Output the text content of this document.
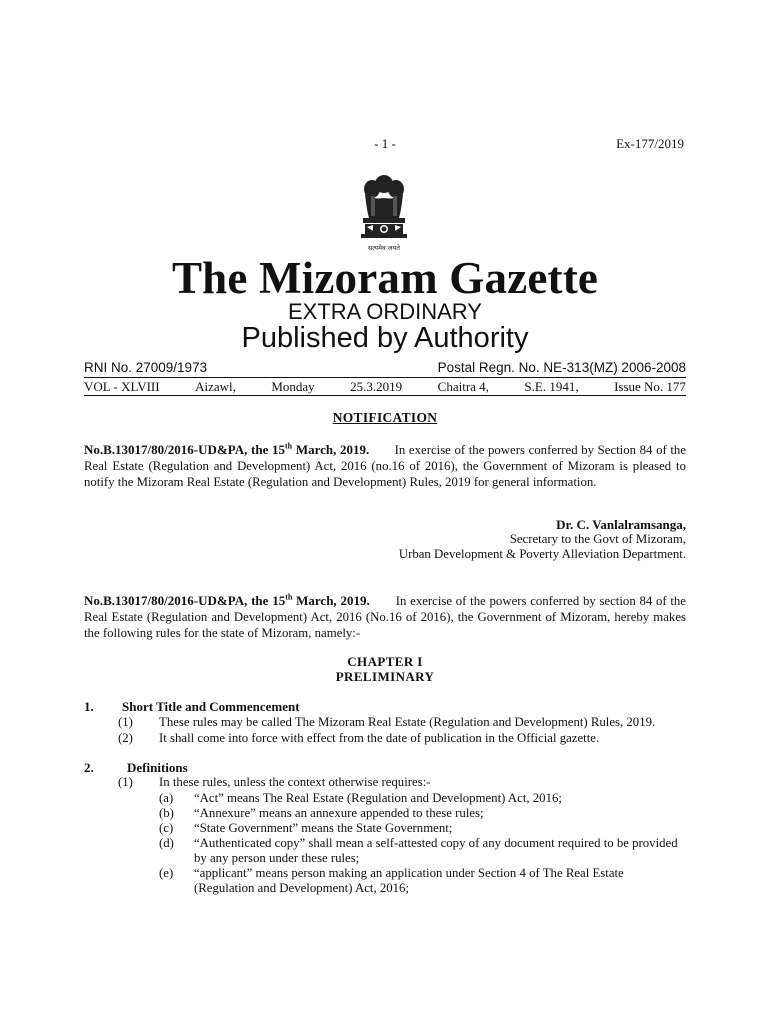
- 1 -	Ex-177/2019
सत्यमेव जयते
The Mizoram Gazette
EXTRA ORDINARY
Published by Authority
RNI No. 27009/1973	Postal Regn. No. NE-313(MZ) 2006-2008
VOL - XLVIII	Aizawl,	Monday	25.3.2019	Chaitra 4,	S.E. 1941,	Issue No. 177
NOTIFICATION
No.B.13017/80/2016-UD&PA, the 15th March, 2019. In exercise of the powers conferred by Section 84 of the Real Estate (Regulation and Development) Act, 2016 (no.16 of 2016), the Government of Mizoram is pleased to notify the Mizoram Real Estate (Regulation and Development) Rules, 2019 for general information.
Dr. C. Vanlalramsanga,
Secretary to the Govt of Mizoram,
Urban Development & Poverty Alleviation Department.
No.B.13017/80/2016-UD&PA, the 15th March, 2019. In exercise of the powers conferred by section 84 of the Real Estate (Regulation and Development) Act, 2016 (No.16 of 2016), the Government of Mizoram, hereby makes the following rules for the state of Mizoram, namely:-
CHAPTER I
PRELIMINARY
1. Short Title and Commencement
(1) These rules may be called The Mizoram Real Estate (Regulation and Development) Rules, 2019.
(2) It shall come into force with effect from the date of publication in the Official gazette.
2.	Definitions
(1) In these rules, unless the context otherwise requires:-
(a) “Act” means The Real Estate (Regulation and Development) Act, 2016;
(b) “Annexure” means an annexure appended to these rules;
(c) “State Government” means the State Government;
(d) “Authenticated copy” shall mean a self-attested copy of any document required to be provided by any person under these rules;
(e) “applicant” means person making an application under Section 4 of The Real Estate (Regulation and Development) Act, 2016;
